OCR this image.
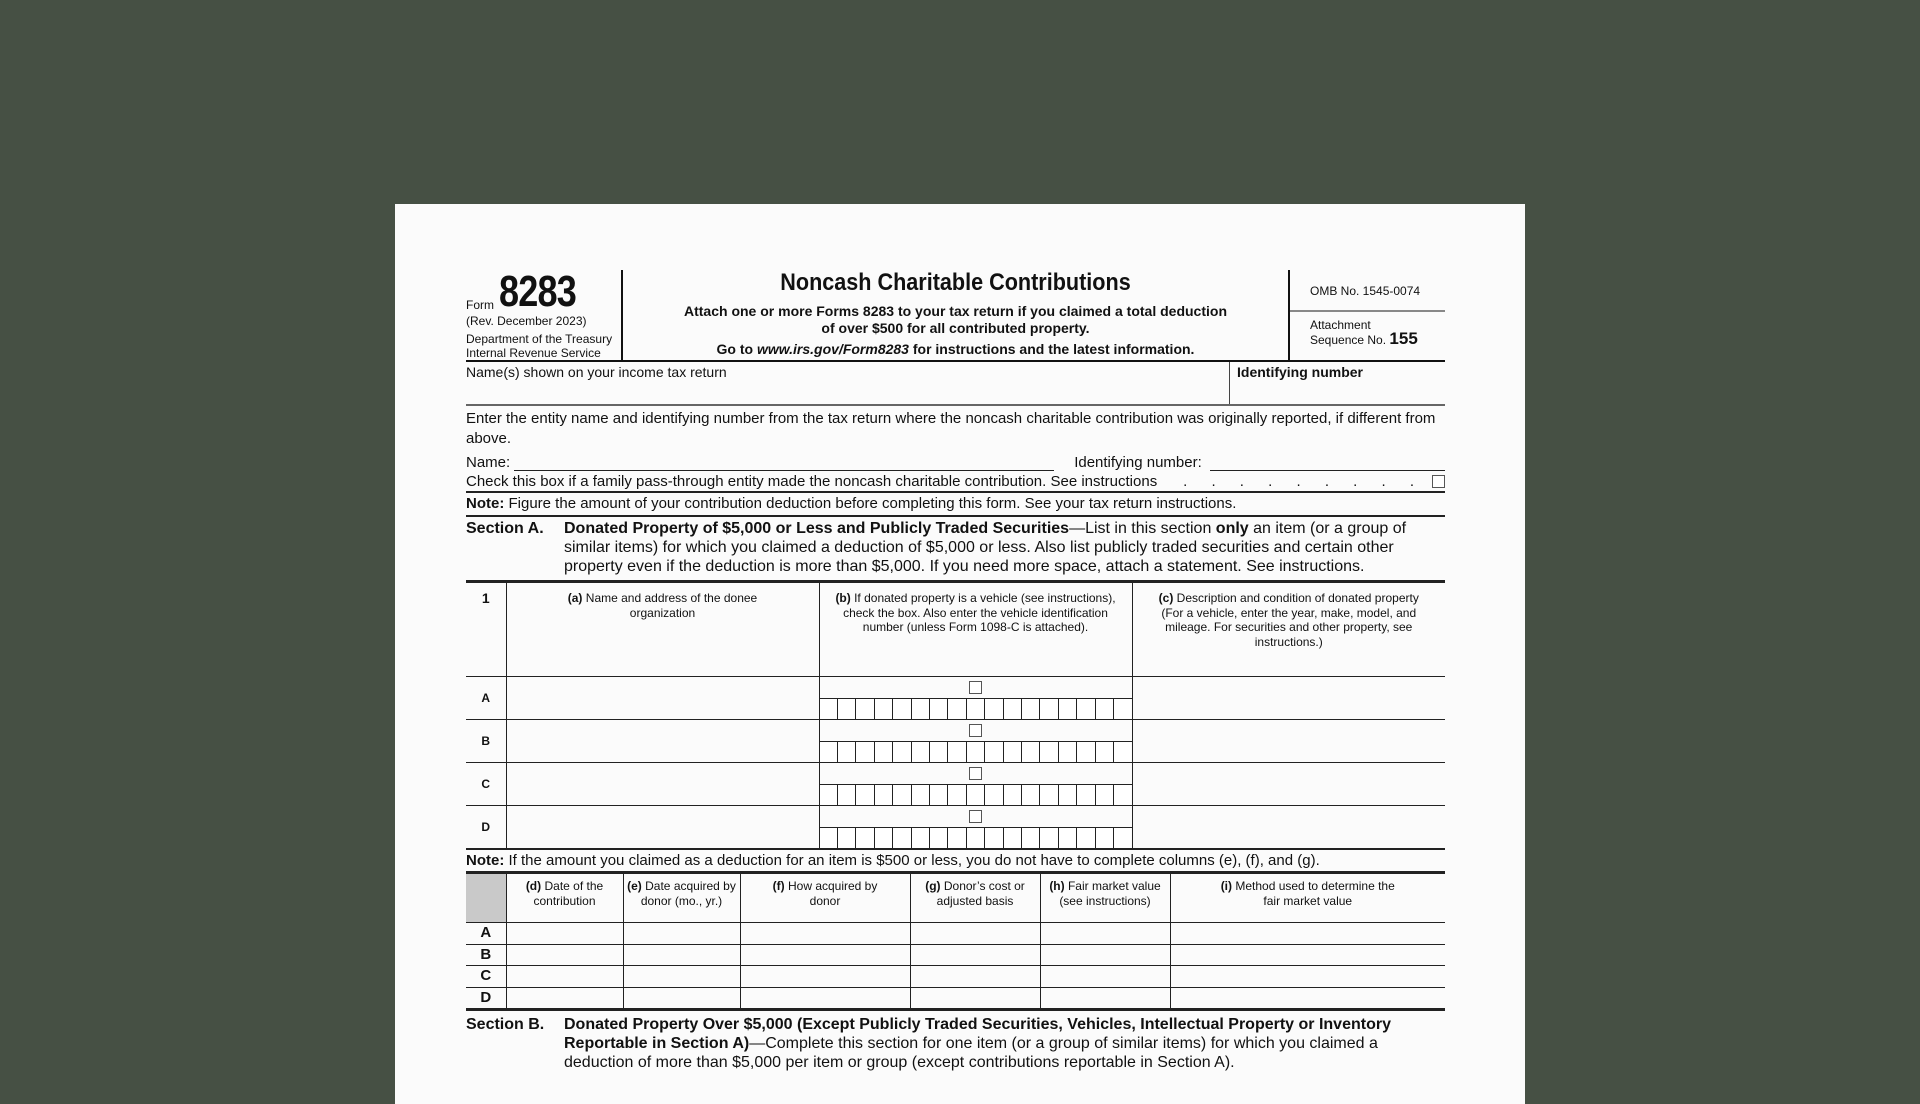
Form 8283
(Rev. December 2023)
Department of the Treasury
Internal Revenue Service
Noncash Charitable Contributions
Attach one or more Forms 8283 to your tax return if you claimed a total deduction
of over $500 for all contributed property.
Go to www.irs.gov/Form8283 for instructions and the latest information.
OMB No. 1545-0074
Attachment
Sequence No. 155
Name(s) shown on your income tax return	Identifying number
Enter the entity name and identifying number from the tax return where the noncash charitable contribution was originally reported, if different from above.
Name:	Identifying number:
Check this box if a family pass-through entity made the noncash charitable contribution. See instructions	. . . . . . . . .
Note: Figure the amount of your contribution deduction before completing this form. See your tax return instructions.
Section A.	Donated Property of $5,000 or Less and Publicly Traded Securities—List in this section only an item (or a group of similar items) for which you claimed a deduction of $5,000 or less. Also list publicly traded securities and certain other property even if the deduction is more than $5,000. If you need more space, attach a statement. See instructions.
1	(a) Name and address of the donee organization	(b) If donated property is a vehicle (see instructions), check the box. Also enter the vehicle identification number (unless Form 1098-C is attached).	(c) Description and condition of donated property (For a vehicle, enter the year, make, model, and mileage. For securities and other property, see instructions.)
A		

B		

C		

D		

Note: If the amount you claimed as a deduction for an item is $500 or less, you do not have to complete columns (e), (f), and (g).
	(d) Date of the contribution	(e) Date acquired by donor (mo., yr.)	(f) How acquired by donor	(g) Donor’s cost or adjusted basis	(h) Fair market value (see instructions)	(i) Method used to determine the fair market value
A						
B						
C						
D						
Section B.	Donated Property Over $5,000 (Except Publicly Traded Securities, Vehicles, Intellectual Property or Inventory Reportable in Section A)—Complete this section for one item (or a group of similar items) for which you claimed a deduction of more than $5,000 per item or group (except contributions reportable in Section A).
